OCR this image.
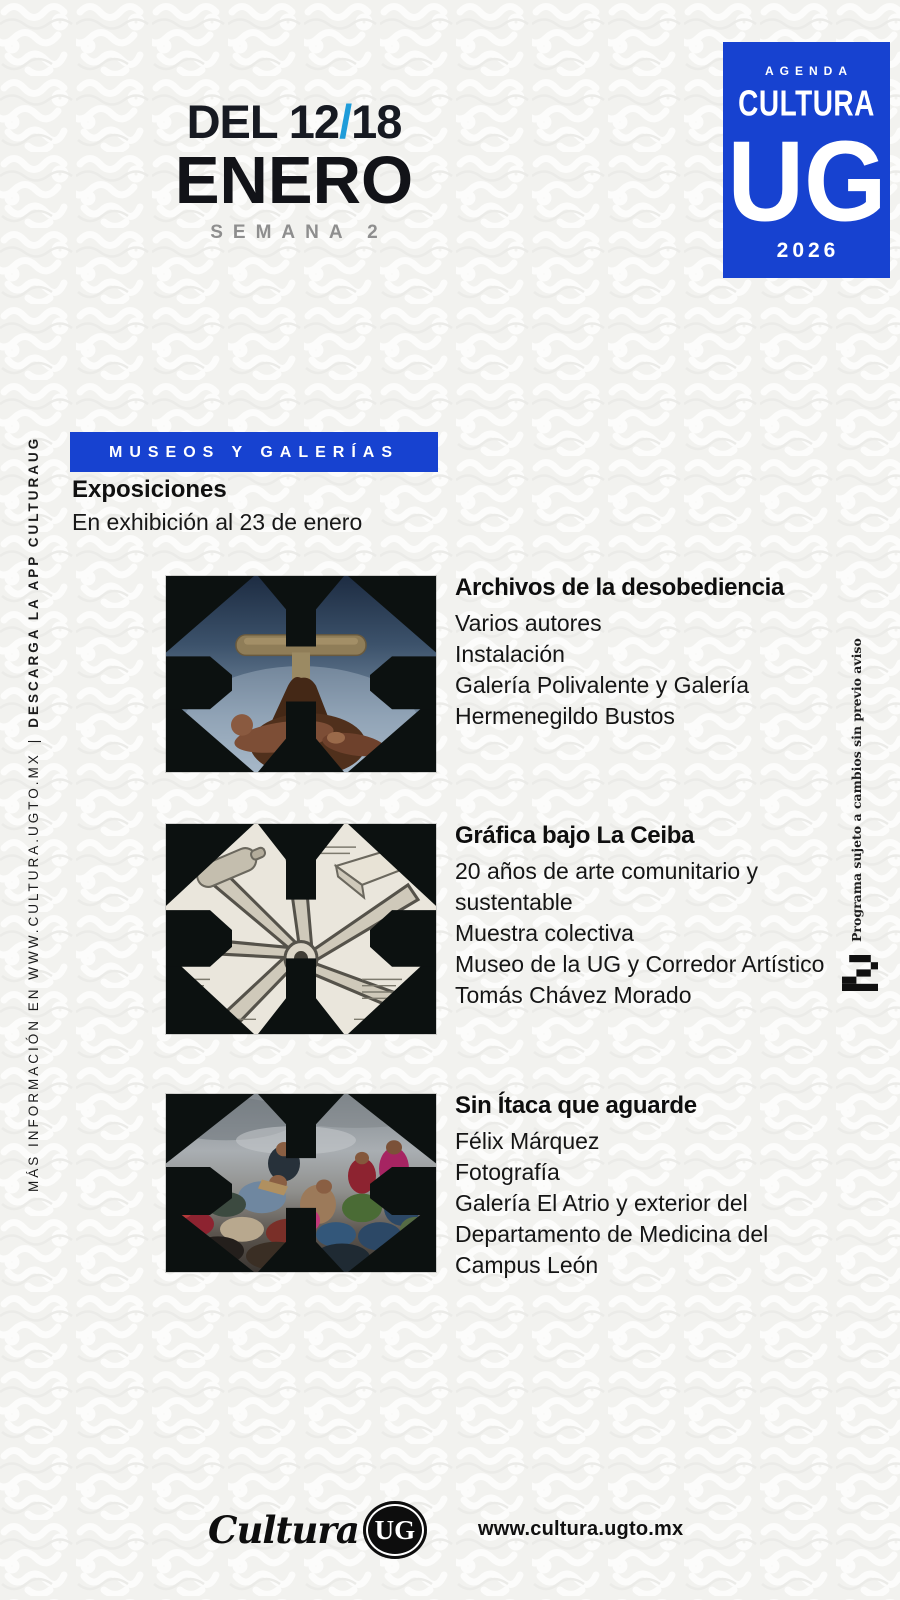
DEL 12/18
ENERO
SEMANA 2
AGENDA
CULTURA
UG
2026
MÁS INFORMACIÓN EN WWW.CULTURA.UGTO.MX|DESCARGA LA APP CULTURAUG
Programa sujeto a cambios sin previo aviso
MUSEOS Y GALERÍAS
Exposiciones
En exhibición al 23 de enero
Archivos de la desobediencia
Varios autores
Instalación
Galería Polivalente y Galería Hermenegildo Bustos
Gráfica bajo La Ceiba
20 años de arte comunitario y sustentable
Muestra colectiva
Museo de la UG y Corredor Artístico Tomás Chávez Morado
Sin Ítaca que aguarde
Félix Márquez
Fotografía
Galería El Atrio y exterior del Departamento de Medicina del Campus León
Cultura UG	www.cultura.ugto.mx
